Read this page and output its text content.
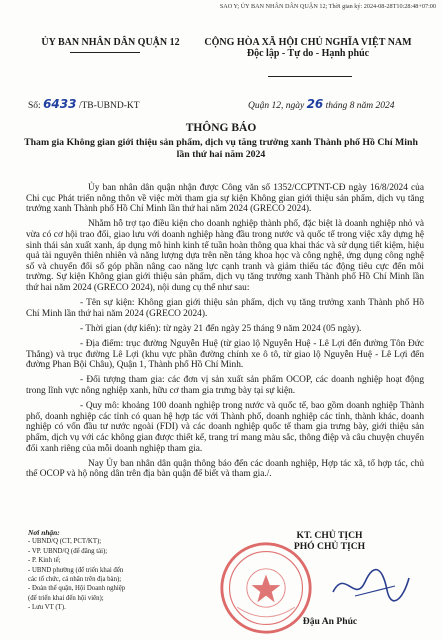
SAO Y; ỦY BAN NHÂN DÂN QUẬN 12; Thời gian ký: 2024-08-28T10:28:48+07:00
ỦY BAN NHÂN DÂN QUẬN 12	CỘNG HÒA XÃ HỘI CHỦ NGHĨA VIỆT NAM
Độc lập - Tự do - Hạnh phúc
Số: 6433 /TB-UBND-KT	Quận 12, ngày 26 tháng 8 năm 2024
THÔNG BÁO
Tham gia Không gian giới thiệu sản phẩm, dịch vụ tăng trưởng xanh Thành phố Hồ Chí Minh lần thứ hai năm 2024

Ủy ban nhân dân quận nhận được Công văn số 1352/CCPTNT-CĐ ngày 16/8/2024 của Chi cục Phát triển nông thôn về việc mời tham gia sự kiện Không gian giới thiệu sản phẩm, dịch vụ tăng trưởng xanh Thành phố Hồ Chí Minh lần thứ hai năm 2024 (GRECO 2024).

Nhằm hỗ trợ tạo điều kiện cho doanh nghiệp thành phố, đặc biệt là doanh nghiệp nhỏ và vừa có cơ hội trao đổi, giao lưu với doanh nghiệp hàng đầu trong nước và quốc tế trong việc xây dựng hệ sinh thái sản xuất xanh, áp dụng mô hình kinh tế tuần hoàn thông qua khai thác và sử dụng tiết kiệm, hiệu quả tài nguyên thiên nhiên và năng lượng dựa trên nền tảng khoa học và công nghệ, ứng dụng công nghệ số và chuyển đổi số góp phần nâng cao năng lực cạnh tranh và giảm thiểu tác động tiêu cực đến môi trường. Sự kiện Không gian giới thiệu sản phẩm, dịch vụ tăng trưởng xanh Thành phố Hồ Chí Minh lần thứ hai năm 2024 (GRECO 2024), nội dung cụ thể như sau:

- Tên sự kiện: Không gian giới thiệu sản phẩm, dịch vụ tăng trưởng xanh Thành phố Hồ Chí Minh lần thứ hai năm 2024 (GRECO 2024).

- Thời gian (dự kiến): từ ngày 21 đến ngày 25 tháng 9 năm 2024 (05 ngày).

- Địa điểm: trục đường Nguyễn Huệ (từ giao lộ Nguyễn Huệ - Lê Lợi đến đường Tôn Đức Thắng) và trục đường Lê Lợi (khu vực phần đường chính xe ô tô, từ giao lộ Nguyễn Huệ - Lê Lợi đến đường Phan Bội Châu), Quận 1, Thành phố Hồ Chí Minh.

- Đối tượng tham gia: các đơn vị sản xuất sản phẩm OCOP, các doanh nghiệp hoạt động trong lĩnh vực nông nghiệp xanh, hữu cơ tham gia trưng bày tại sự kiện.

- Quy mô: khoảng 100 doanh nghiệp trong nước và quốc tế, bao gồm doanh nghiệp Thành phố, doanh nghiệp các tỉnh có quan hệ hợp tác với Thành phố, doanh nghiệp các tỉnh, thành khác, doanh nghiệp có vốn đầu tư nước ngoài (FDI) và các doanh nghiệp quốc tế tham gia trưng bày, giới thiệu sản phẩm, dịch vụ với các không gian được thiết kế, trang trí mang màu sắc, thông điệp và câu chuyện chuyển đổi xanh riêng của mỗi doanh nghiệp tham gia.

Nay Ủy ban nhân dân quận thông báo đến các doanh nghiệp, Hợp tác xã, tổ hợp tác, chủ thể OCOP và hộ nông dân trên địa bàn quận để biết và tham gia./.

Nơi nhận:
- UBND/Q (CT, PCT/KT);
- VP. UBND/Q (để đăng tải);
- P. Kinh tế;
- UBND phường (để triển khai đến các tổ chức, cá nhân trên địa bàn);
- Đoàn thể quận, Hội Doanh nghiệp (để triển khai đến hội viên);
- Lưu VT (T).
KT. CHỦ TỊCH
PHÓ CHỦ TỊCH
Đậu An Phúc
